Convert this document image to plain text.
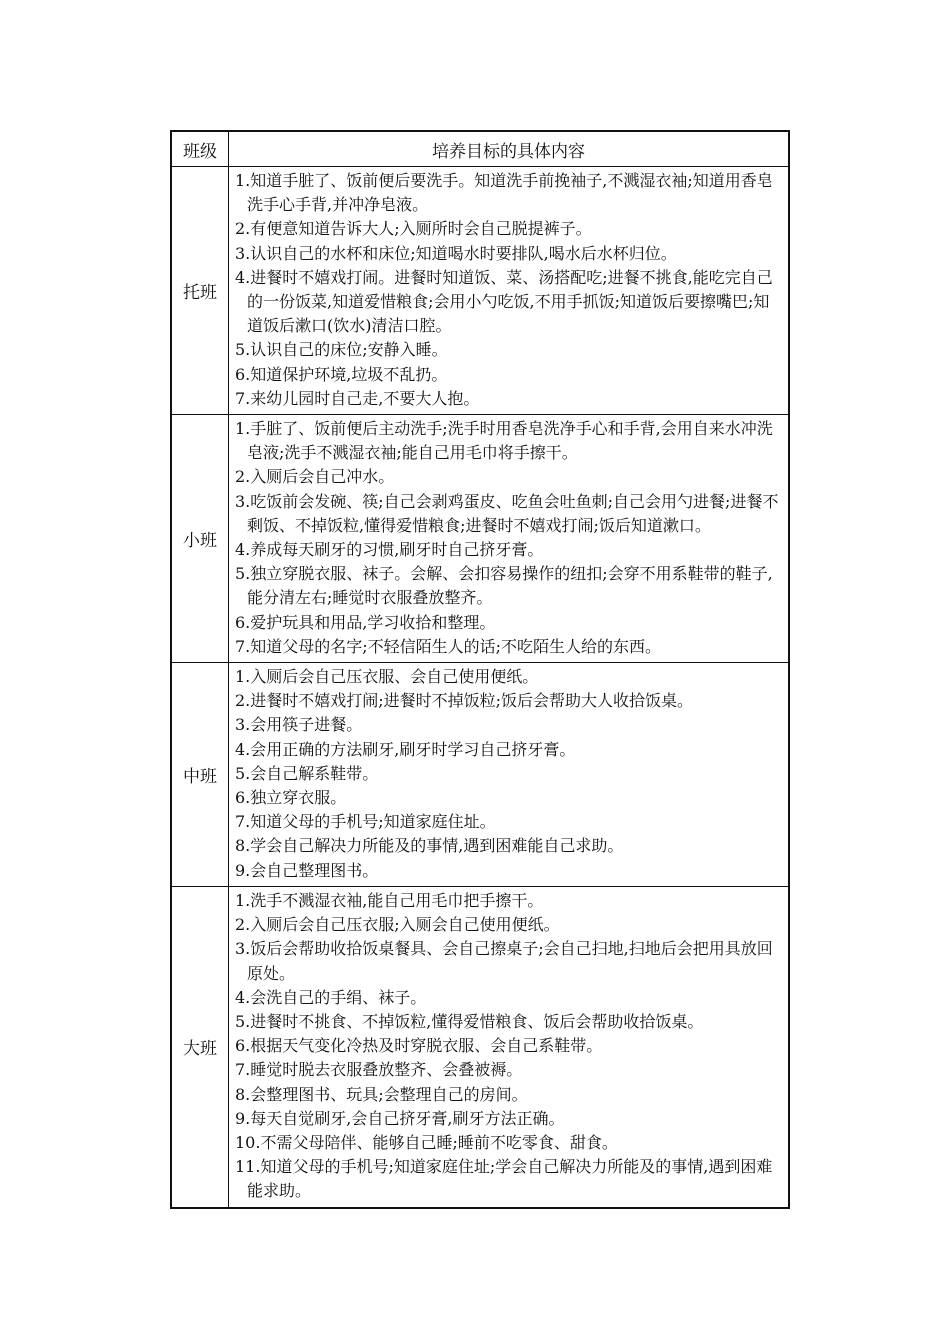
班级	培养目标的具体内容
托班
1.知道手脏了、饭前便后要洗手。知道洗手前挽袖子,不溅湿衣袖;知道用香皂洗手心手背,并冲净皂液。
2.有便意知道告诉大人;入厕所时会自己脱提裤子。
3.认识自己的水杯和床位;知道喝水时要排队,喝水后水杯归位。
4.进餐时不嬉戏打闹。进餐时知道饭、菜、汤搭配吃;进餐不挑食,能吃完自己的一份饭菜,知道爱惜粮食;会用小勺吃饭,不用手抓饭;知道饭后要擦嘴巴;知道饭后漱口(饮水)清洁口腔。
5.认识自己的床位;安静入睡。
6.知道保护环境,垃圾不乱扔。
7.来幼儿园时自己走,不要大人抱。
小班
1.手脏了、饭前便后主动洗手;洗手时用香皂洗净手心和手背,会用自来水冲洗皂液;洗手不溅湿衣袖;能自己用毛巾将手擦干。
2.入厕后会自己冲水。
3.吃饭前会发碗、筷;自己会剥鸡蛋皮、吃鱼会吐鱼刺;自己会用勺进餐;进餐不剩饭、不掉饭粒,懂得爱惜粮食;进餐时不嬉戏打闹;饭后知道漱口。
4.养成每天刷牙的习惯,刷牙时自己挤牙膏。
5.独立穿脱衣服、袜子。会解、会扣容易操作的纽扣;会穿不用系鞋带的鞋子,能分清左右;睡觉时衣服叠放整齐。
6.爱护玩具和用品,学习收拾和整理。
7.知道父母的名字;不轻信陌生人的话;不吃陌生人给的东西。
中班
1.入厕后会自己压衣服、会自己使用便纸。
2.进餐时不嬉戏打闹;进餐时不掉饭粒;饭后会帮助大人收拾饭桌。
3.会用筷子进餐。
4.会用正确的方法刷牙,刷牙时学习自己挤牙膏。
5.会自己解系鞋带。
6.独立穿衣服。
7.知道父母的手机号;知道家庭住址。
8.学会自己解决力所能及的事情,遇到困难能自己求助。
9.会自己整理图书。
大班
1.洗手不溅湿衣袖,能自己用毛巾把手擦干。
2.入厕后会自己压衣服;入厕会自己使用便纸。
3.饭后会帮助收拾饭桌餐具、会自己擦桌子;会自己扫地,扫地后会把用具放回原处。
4.会洗自己的手绢、袜子。
5.进餐时不挑食、不掉饭粒,懂得爱惜粮食、饭后会帮助收拾饭桌。
6.根据天气变化冷热及时穿脱衣服、会自己系鞋带。
7.睡觉时脱去衣服叠放整齐、会叠被褥。
8.会整理图书、玩具;会整理自己的房间。
9.每天自觉刷牙,会自己挤牙膏,刷牙方法正确。
10.不需父母陪伴、能够自己睡;睡前不吃零食、甜食。
11.知道父母的手机号;知道家庭住址;学会自己解决力所能及的事情,遇到困难能求助。
